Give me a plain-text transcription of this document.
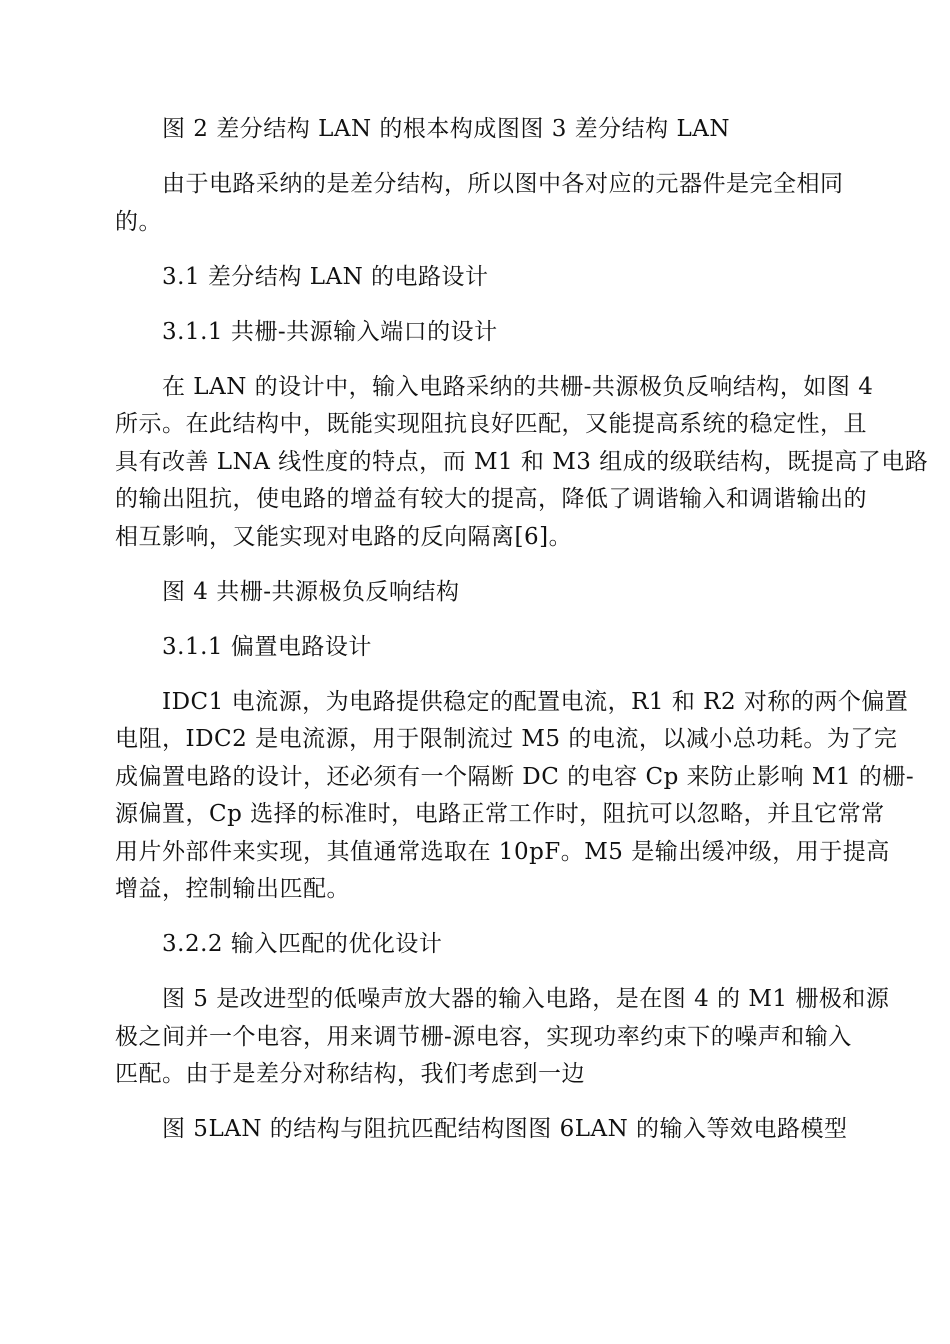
图 2 差分结构 LAN 的根本构成图图 3 差分结构 LAN
由于电路采纳的是差分结构，所以图中各对应的元器件是完全相同
的。
3.1 差分结构 LAN 的电路设计
3.1.1 共栅-共源输入端口的设计
在 LAN 的设计中，输入电路采纳的共栅-共源极负反响结构，如图 4
所示。在此结构中，既能实现阻抗良好匹配，又能提高系统的稳定性，且
具有改善 LNA 线性度的特点，而 M1 和 M3 组成的级联结构，既提高了电路
的输出阻抗，使电路的增益有较大的提高，降低了调谐输入和调谐输出的
相互影响，又能实现对电路的反向隔离[6]。
图 4 共栅-共源极负反响结构
3.1.1 偏置电路设计
IDC1 电流源，为电路提供稳定的配置电流，R1 和 R2 对称的两个偏置
电阻，IDC2 是电流源，用于限制流过 M5 的电流，以减小总功耗。为了完
成偏置电路的设计，还必须有一个隔断 DC 的电容 Cp 来防止影响 M1 的栅-
源偏置，Cp 选择的标准时，电路正常工作时，阻抗可以忽略，并且它常常
用片外部件来实现，其值通常选取在 10pF。M5 是输出缓冲级，用于提高
增益，控制输出匹配。
3.2.2 输入匹配的优化设计
图 5 是改进型的低噪声放大器的输入电路，是在图 4 的 M1 栅极和源
极之间并一个电容，用来调节栅-源电容，实现功率约束下的噪声和输入
匹配。由于是差分对称结构，我们考虑到一边
图 5LAN 的结构与阻抗匹配结构图图 6LAN 的输入等效电路模型
